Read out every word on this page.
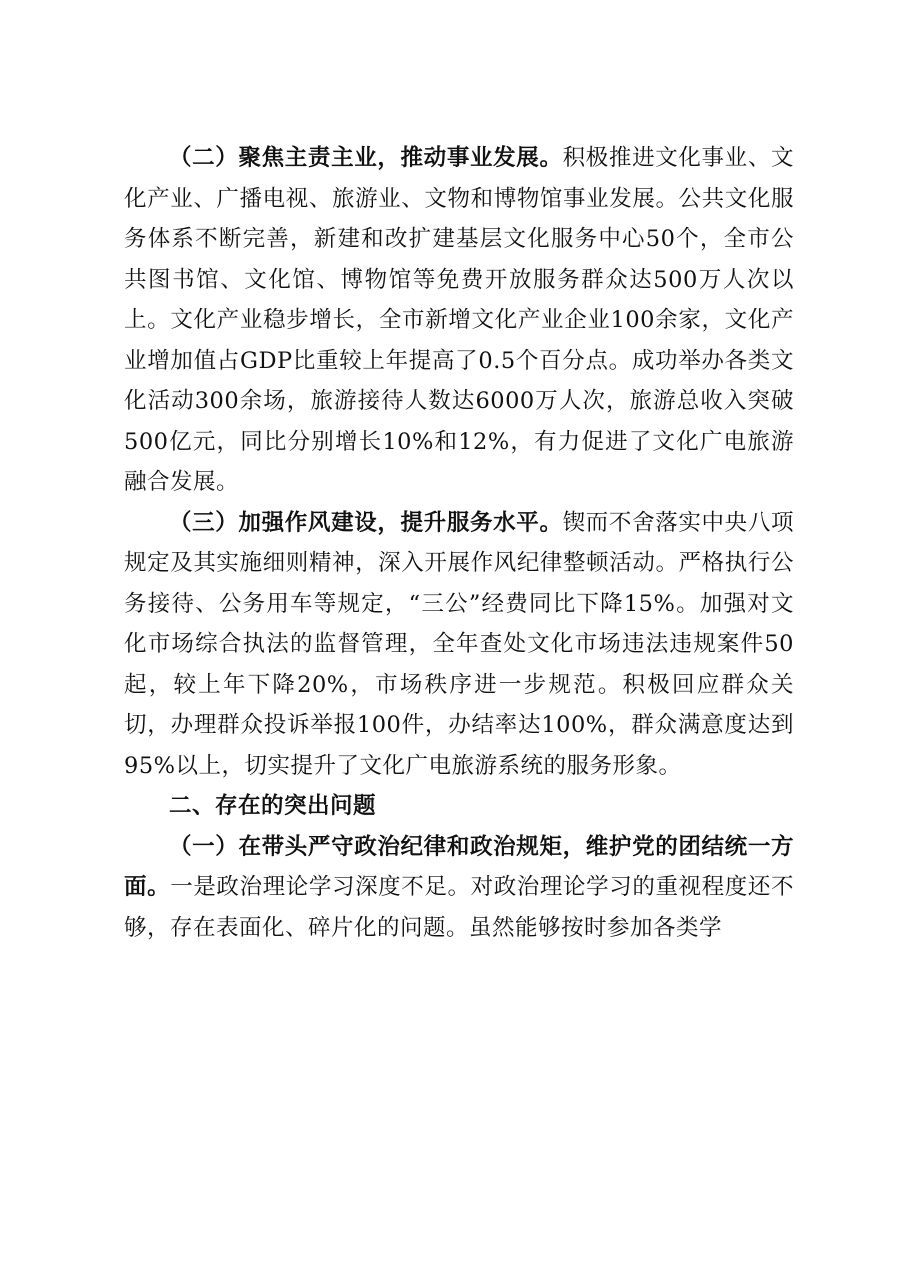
（二）聚焦主责主业，推动事业发展。积极推进文化事业、文化产业、广播电视、旅游业、文物和博物馆事业发展。公共文化服务体系不断完善，新建和改扩建基层文化服务中心50个，全市公共图书馆、文化馆、博物馆等免费开放服务群众达500万人次以上。文化产业稳步增长，全市新增文化产业企业100余家，文化产业增加值占GDP比重较上年提高了0.5个百分点。成功举办各类文化活动300余场，旅游接待人数达6000万人次，旅游总收入突破500亿元，同比分别增长10%和12%，有力促进了文化广电旅游融合发展。

（三）加强作风建设，提升服务水平。锲而不舍落实中央八项规定及其实施细则精神，深入开展作风纪律整顿活动。严格执行公务接待、公务用车等规定，“三公”经费同比下降15%。加强对文化市场综合执法的监督管理，全年查处文化市场违法违规案件50起，较上年下降20%，市场秩序进一步规范。积极回应群众关切，办理群众投诉举报100件，办结率达100%，群众满意度达到95%以上，切实提升了文化广电旅游系统的服务形象。

二、存在的突出问题

（一）在带头严守政治纪律和政治规矩，维护党的团结统一方面。一是政治理论学习深度不足。对政治理论学习的重视程度还不够，存在表面化、碎片化的问题。虽然能够按时参加各类学
